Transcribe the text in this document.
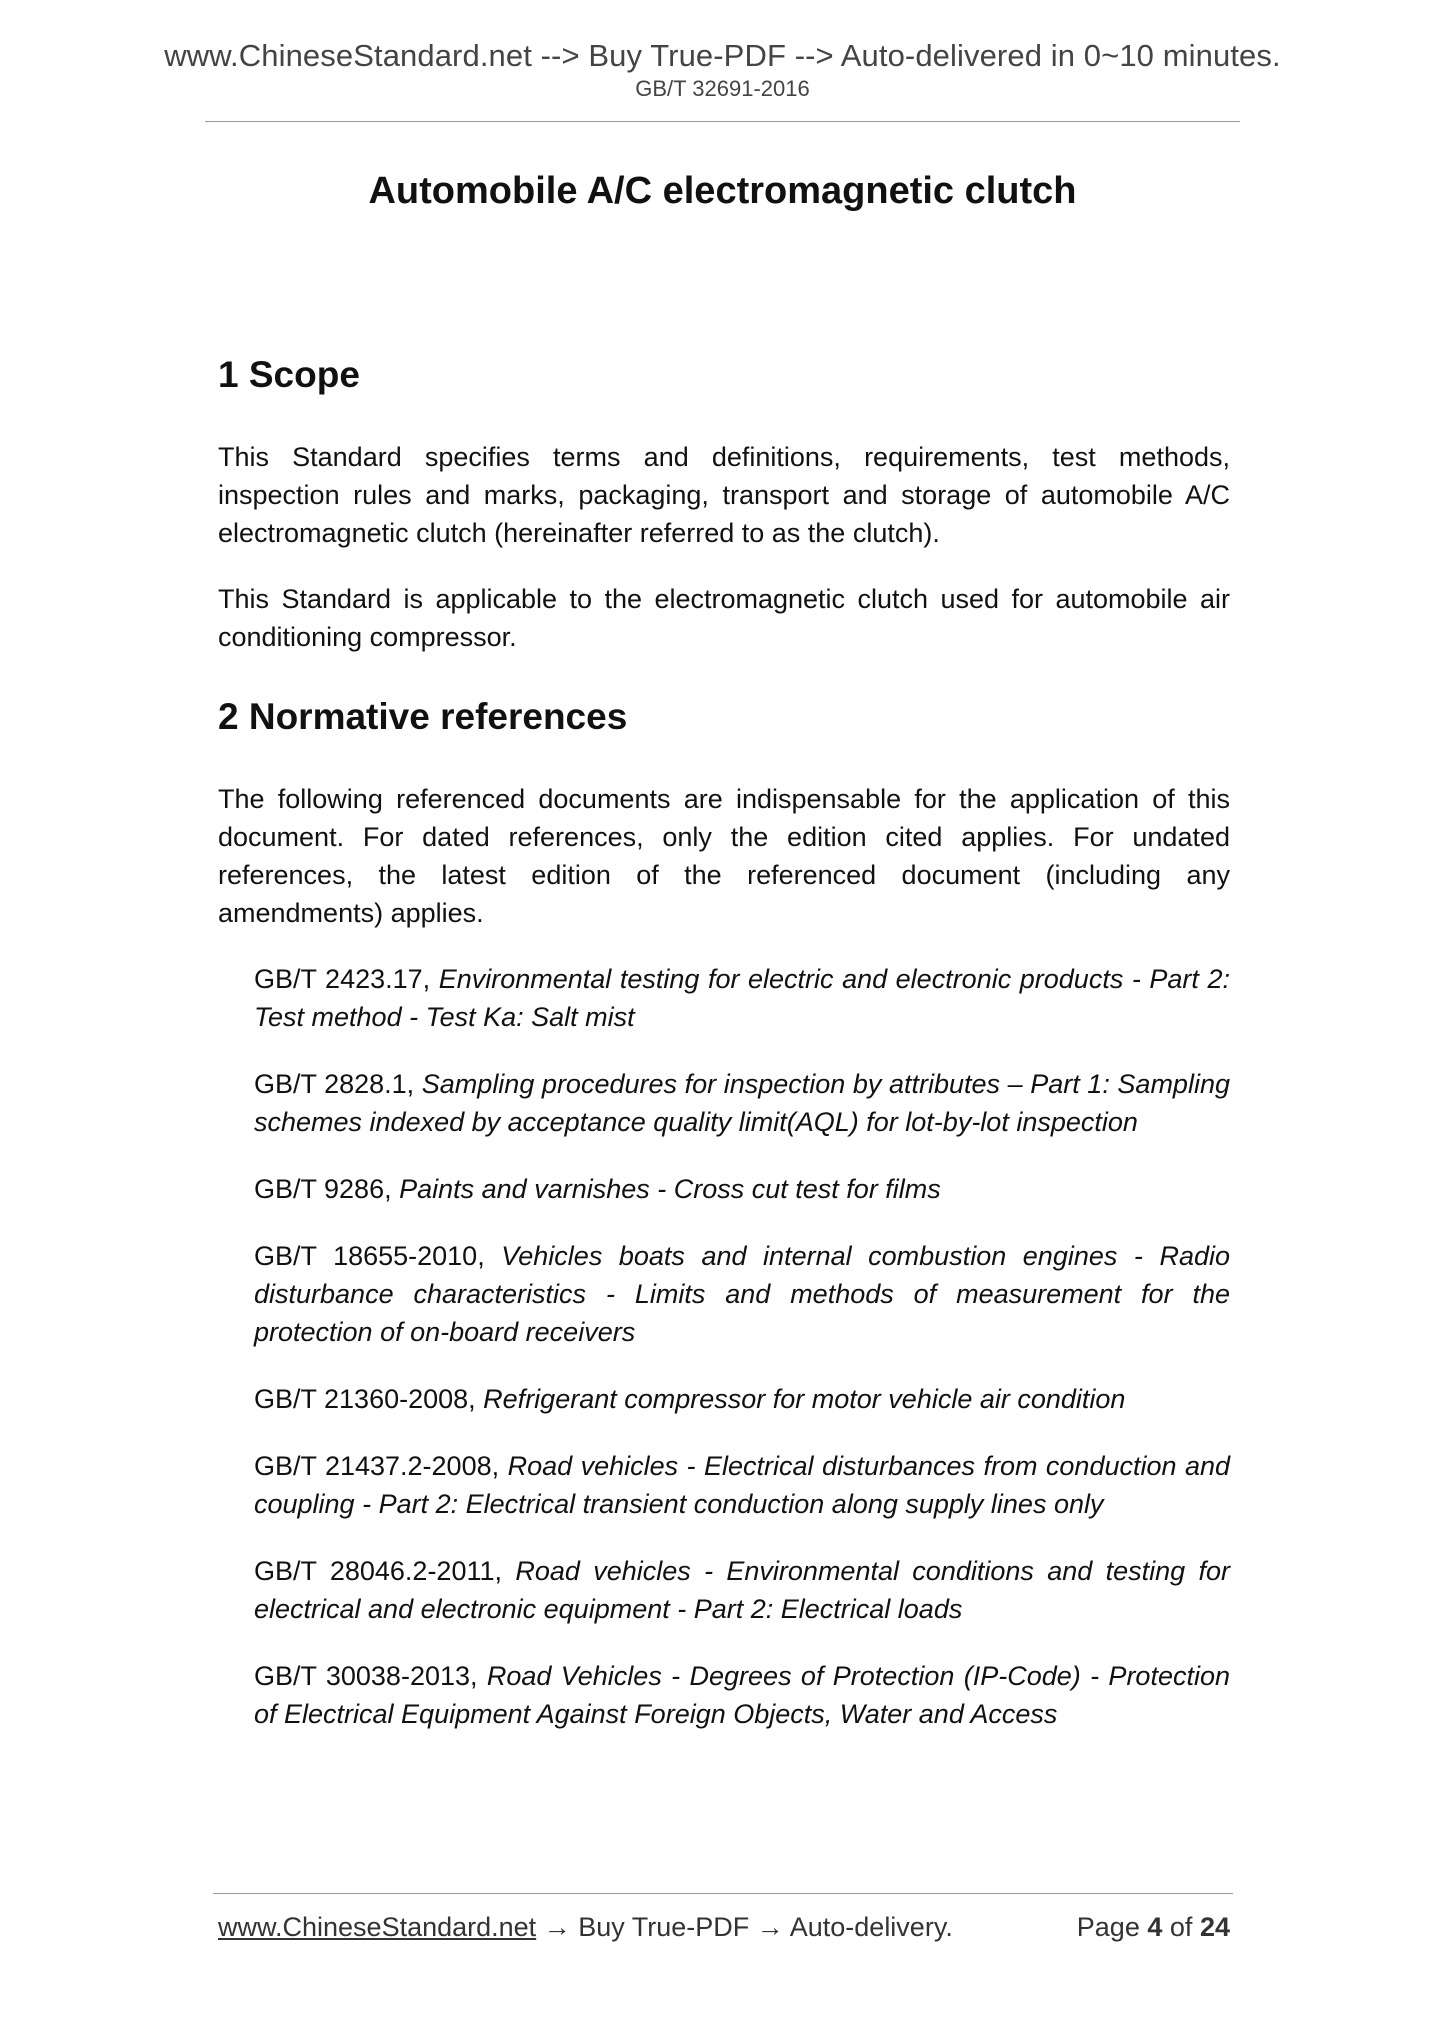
www.ChineseStandard.net --> Buy True-PDF --> Auto-delivered in 0~10 minutes.
GB/T 32691-2016
Automobile A/C electromagnetic clutch
1 Scope

This Standard specifies terms and definitions, requirements, test methods, inspection rules and marks, packaging, transport and storage of automobile A/C electromagnetic clutch (hereinafter referred to as the clutch).

This Standard is applicable to the electromagnetic clutch used for automobile air conditioning compressor.

2 Normative references

The following referenced documents are indispensable for the application of this document. For dated references, only the edition cited applies. For undated references, the latest edition of the referenced document (including any amendments) applies.

GB/T 2423.17, Environmental testing for electric and electronic products - Part 2: Test method - Test Ka: Salt mist
GB/T 2828.1, Sampling procedures for inspection by attributes – Part 1: Sampling schemes indexed by acceptance quality limit(AQL) for lot-by-lot inspection
GB/T 9286, Paints and varnishes - Cross cut test for films
GB/T 18655-2010, Vehicles boats and internal combustion engines - Radio disturbance characteristics - Limits and methods of measurement for the protection of on-board receivers
GB/T 21360-2008, Refrigerant compressor for motor vehicle air condition
GB/T 21437.2-2008, Road vehicles - Electrical disturbances from conduction and coupling - Part 2: Electrical transient conduction along supply lines only
GB/T 28046.2-2011, Road vehicles - Environmental conditions and testing for electrical and electronic equipment - Part 2: Electrical loads
GB/T 30038-2013, Road Vehicles - Degrees of Protection (IP-Code) - Protection of Electrical Equipment Against Foreign Objects, Water and Access
www.ChineseStandard.net → Buy True-PDF → Auto-delivery.	Page 4 of 24
